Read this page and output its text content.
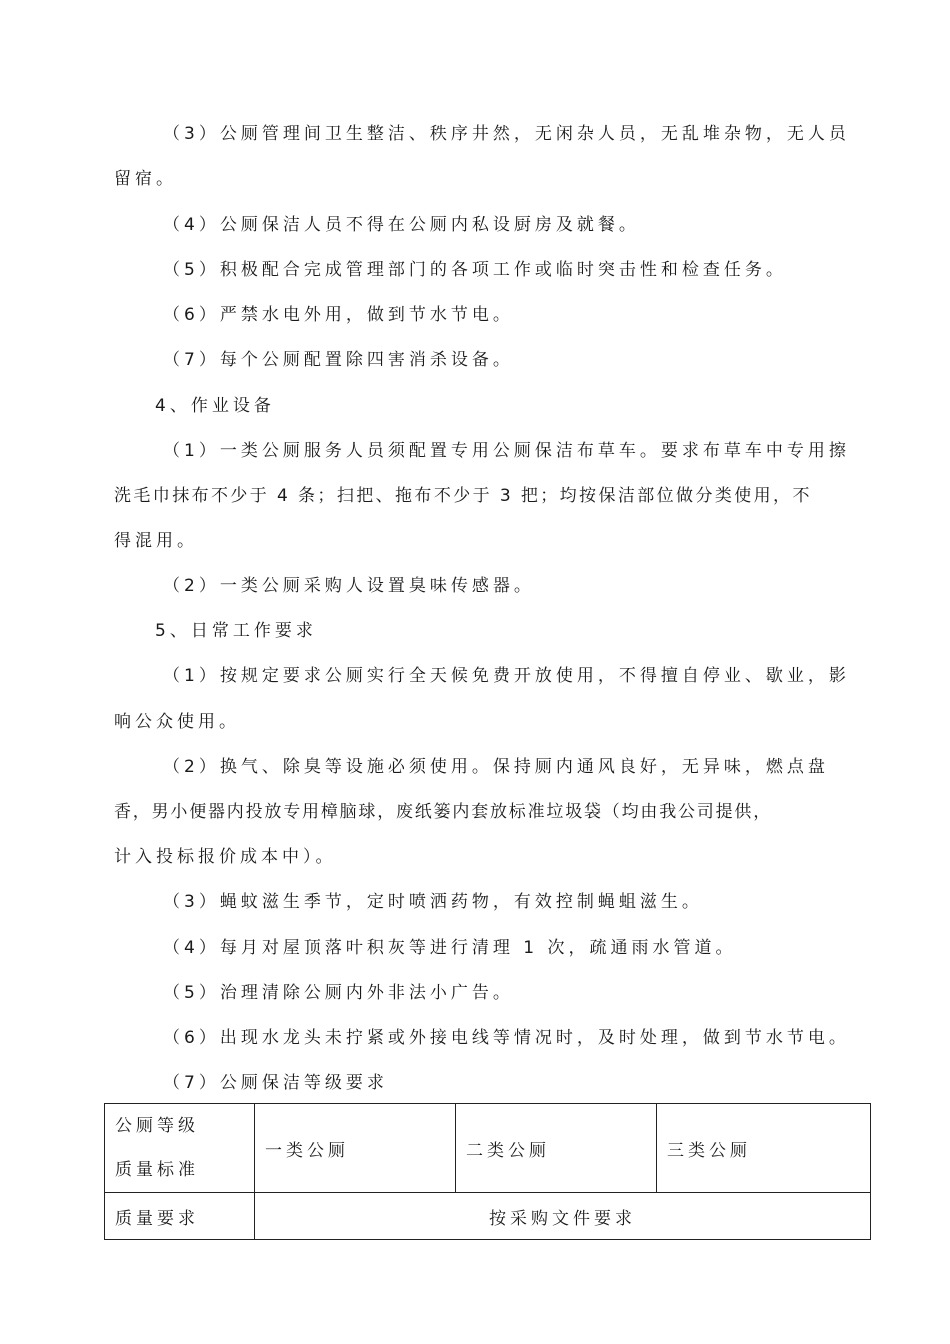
（3）公厕管理间卫生整洁、秩序井然，无闲杂人员，无乱堆杂物，无人员
留宿。
（4）公厕保洁人员不得在公厕内私设厨房及就餐。
（5）积极配合完成管理部门的各项工作或临时突击性和检查任务。
（6）严禁水电外用，做到节水节电。
（7）每个公厕配置除四害消杀设备。
4、作业设备
（1）一类公厕服务人员须配置专用公厕保洁布草车。要求布草车中专用擦
洗毛巾抹布不少于 4 条；扫把、拖布不少于 3 把；均按保洁部位做分类使用，不
得混用。
（2）一类公厕采购人设置臭味传感器。
5、日常工作要求
（1）按规定要求公厕实行全天候免费开放使用，不得擅自停业、歇业，影
响公众使用。
（2）换气、除臭等设施必须使用。保持厕内通风良好，无异味，燃点盘
香，男小便器内投放专用樟脑球，废纸篓内套放标准垃圾袋（均由我公司提供，
计入投标报价成本中）。
（3）蝇蚊滋生季节，定时喷洒药物，有效控制蝇蛆滋生。
（4）每月对屋顶落叶积灰等进行清理 1 次，疏通雨水管道。
（5）治理清除公厕内外非法小广告。
（6）出现水龙头未拧紧或外接电线等情况时，及时处理，做到节水节电。
（7）公厕保洁等级要求
公厕等级
质量标准	一类公厕	二类公厕	三类公厕
质量要求	按采购文件要求		
